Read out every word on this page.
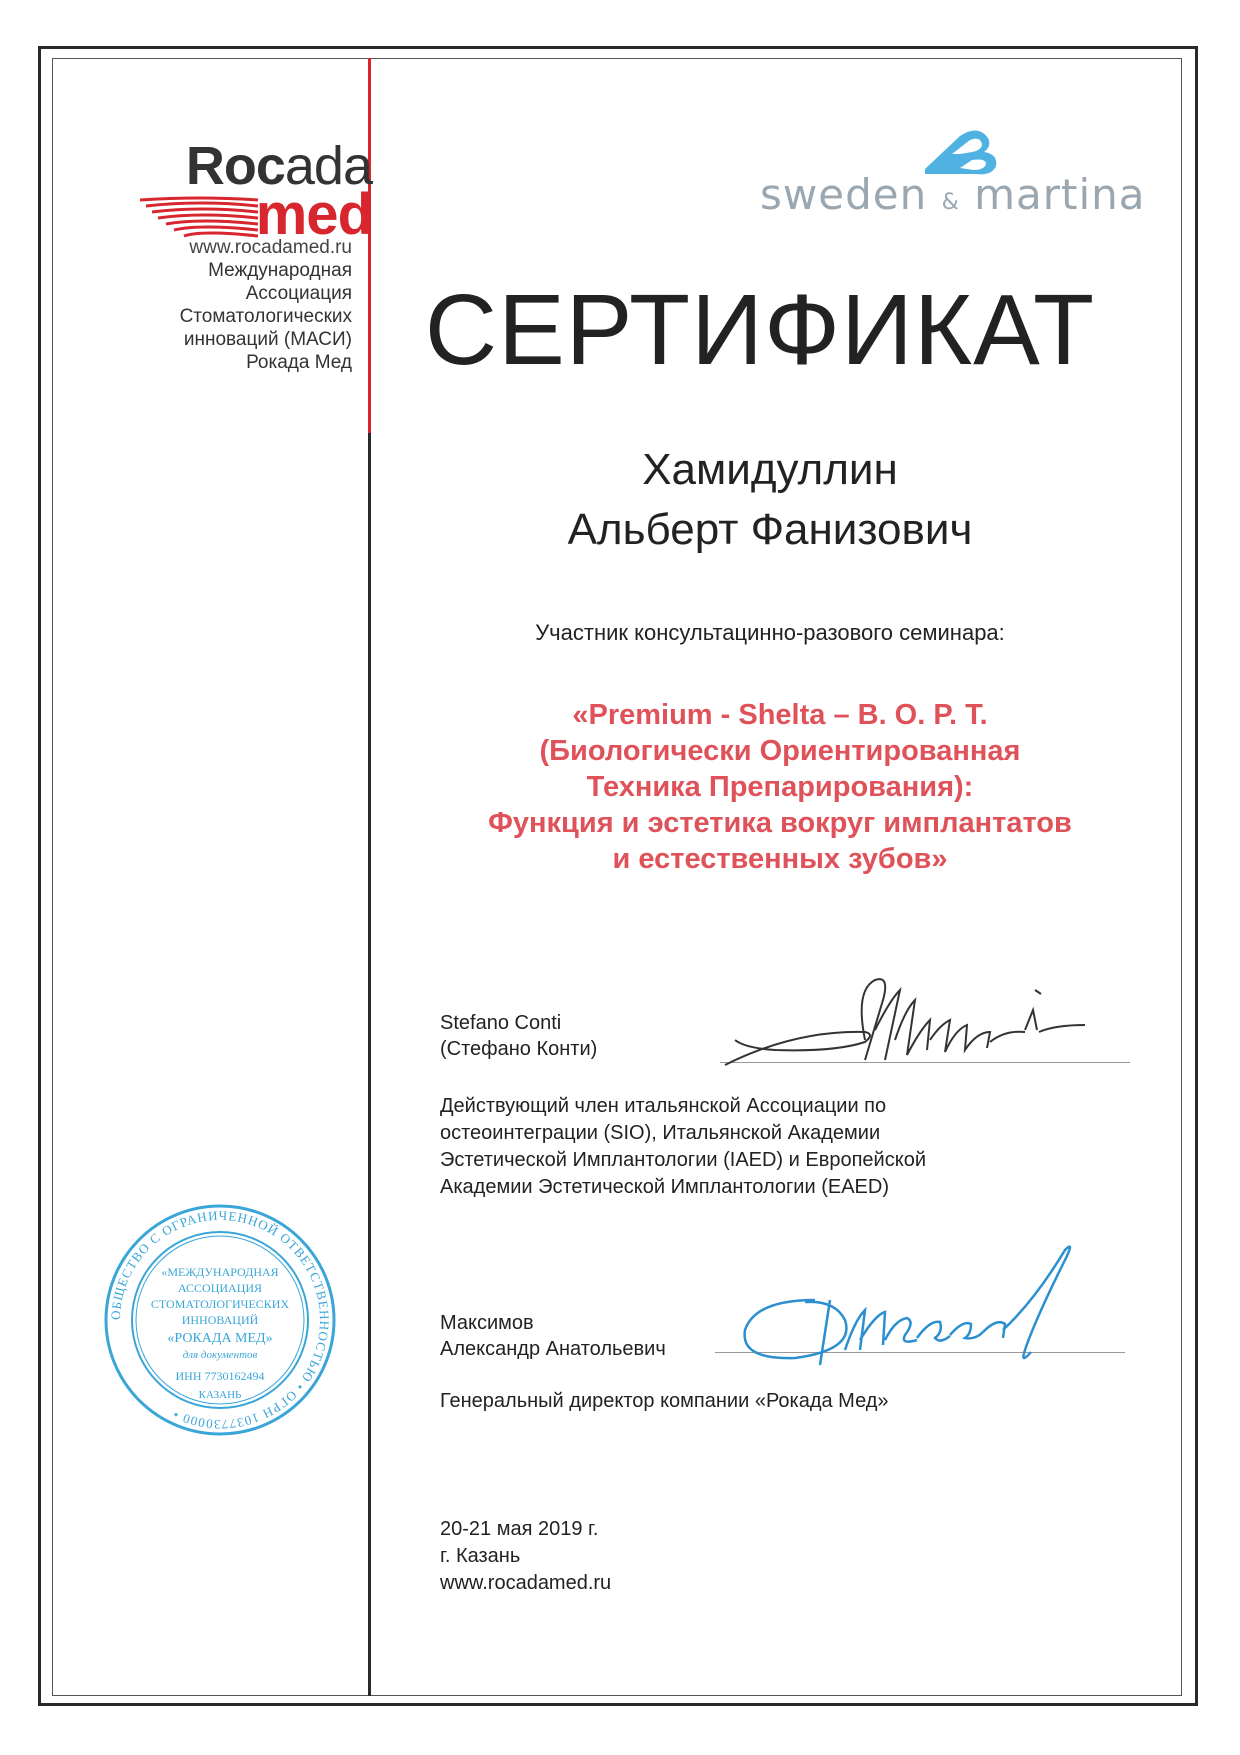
Rocada
med
www.rocadamed.ru
Международная
Ассоциация
Стоматологических
инноваций (МАСИ)
Рокада Мед
sweden & martina
СЕРТИФИКАТ
Хамидуллин
Альберт Фанизович
Участник консультацинно-разового семинара:
«Premium - Shelta – B. O. P. T.
(Биологически Ориентированная
Техника Препарирования):
Функция и эстетика вокруг имплантатов
и естественных зубов»
Stefano Conti
(Стефано Конти)
Действующий член итальянской Ассоциации по
остеоинтеграции (SIO), Итальянской Академии
Эстетической Имплантологии (IAED) и Европейской
Академии Эстетической Имплантологии (EAED)
Максимов
Александр Анатольевич
Генеральный директор компании «Рокада Мед»
20-21 мая 2019 г.
г. Казань
www.rocadamed.ru
ОБЩЕСТВО С ОГРАНИЧЕННОЙ ОТВЕТСТВЕННОСТЬЮ • ОГРН 1037730000 •
«МЕЖДУНАРОДНАЯ
АССОЦИАЦИЯ
СТОМАТОЛОГИЧЕСКИХ
ИННОВАЦИЙ
«РОКАДА МЕД»
для документов
ИНН 7730162494
КАЗАНЬ
